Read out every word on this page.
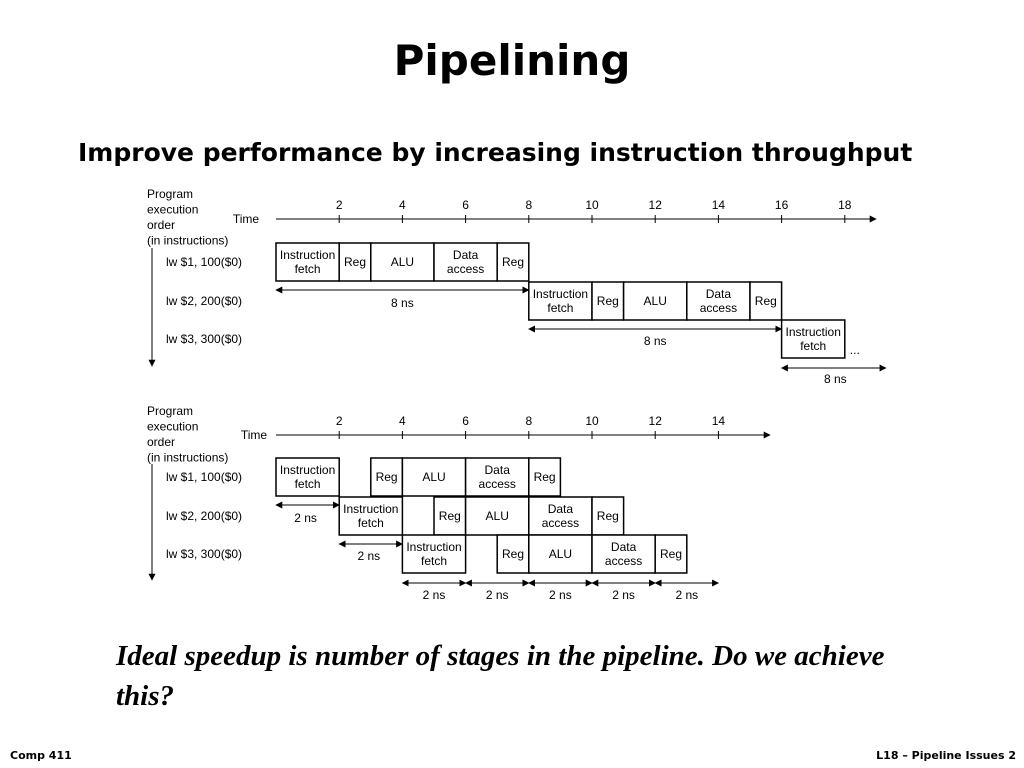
Pipelining
Improve performance by increasing instruction throughput
Program
execution
order
(in instructions)
Time
2	4	6	8	10	12	14	16	18
lw $1, 100($0)
lw $2, 200($0)
lw $3, 300($0)
Instruction
fetch Reg ALU	Data
access Reg
Instruction
fetch Reg ALU	Data
access Reg
Instruction
fetch ...
8 ns
8 ns
8 ns
Program
execution
order
(in instructions)
Time
2	4	6	8	10	12	14
lw $1, 100($0)
lw $2, 200($0)
lw $3, 300($0)
Instruction
fetch	Reg ALU	Data
access Reg
Instruction
fetch	Reg ALU	Data
access Reg
Instruction
fetch	Reg ALU	Data
access Reg
2 ns
2 ns
2 ns	2 ns	2 ns	2 ns	2 ns
Ideal speedup is number of stages in the pipeline. Do we achieve this?
Comp 411	L18 – Pipeline Issues 2
